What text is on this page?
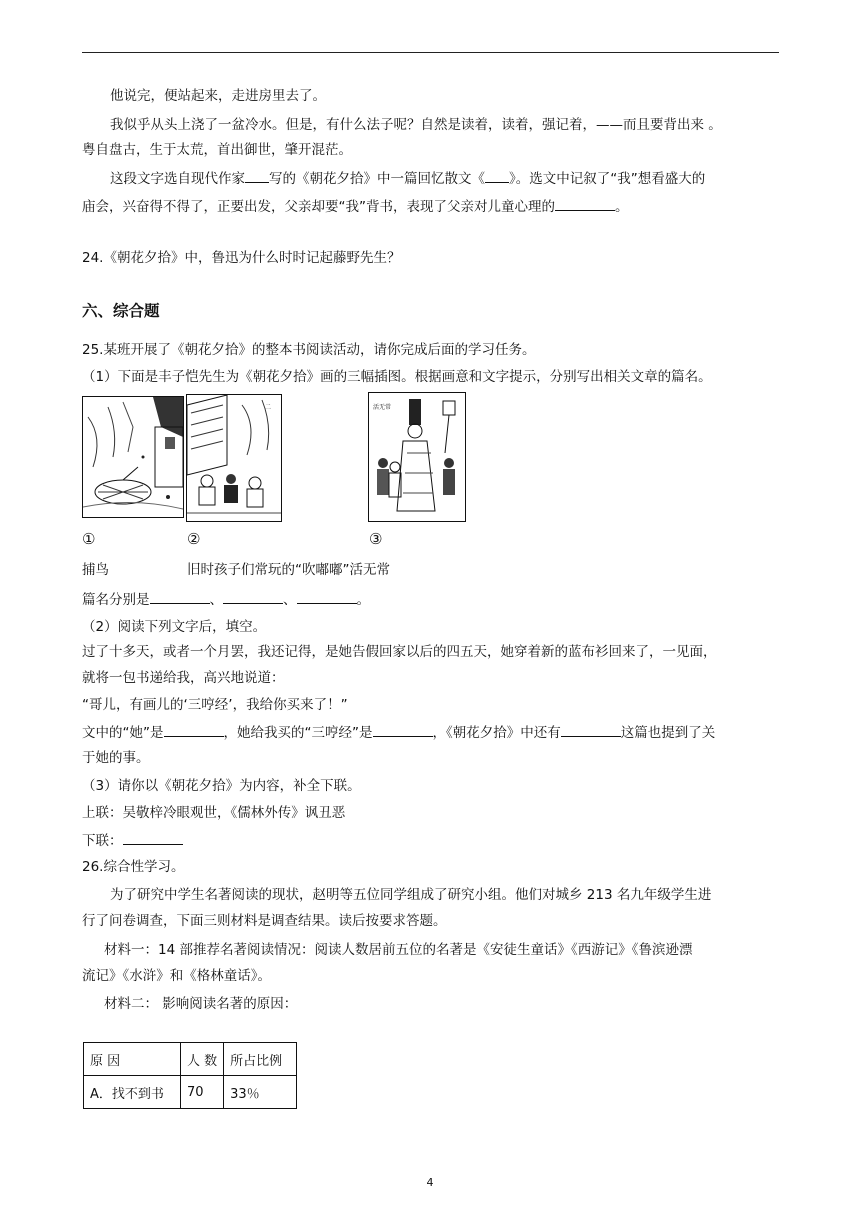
他说完，便站起来，走进房里去了。
我似乎从头上浇了一盆冷水。但是，有什么法子呢？自然是读着，读着，强记着，——而且要背出来 。
粤自盘古，生于太荒，首出御世，肇开混茫。
这段文字选自现代作家 写的《朝花夕拾》中一篇回忆散文《 》。选文中记叙了“我”想看盛大的
庙会，兴奋得不得了，正要出发，父亲却要“我”背书，表现了父亲对儿童心理的	。
24.《朝花夕拾》中，鲁迅为什么时时记起藤野先生？
六、综合题
25.某班开展了《朝花夕拾》的整本书阅读活动，请你完成后面的学习任务。
（1）下面是丰子恺先生为《朝花夕拾》画的三幅插图。根据画意和文字提示，分别写出相关文章的篇名。
二	活无常
①	②	③
捕鸟	旧时孩子们常玩的“吹嘟嘟”活无常
篇名分别是	、	、	。
（2）阅读下列文字后，填空。
过了十多天，或者一个月罢，我还记得，是她告假回家以后的四五天，她穿着新的蓝布衫回来了，一见面，
就将一包书递给我，高兴地说道：
“哥儿，有画儿的‘三哼经’，我给你买来了！”
文中的“她”是	，她给我买的“三哼经”是	，《朝花夕拾》中还有	这篇也提到了关
于她的事。
（3）请你以《朝花夕拾》为内容，补全下联。
上联：吴敬梓冷眼观世，《儒林外传》讽丑恶
下联：
26.综合性学习。
为了研究中学生名著阅读的现状，赵明等五位同学组成了研究小组。他们对城乡 213 名九年级学生进
行了问卷调查，下面三则材料是调查结果。读后按要求答题。
材料一：14 部推荐名著阅读情况：阅读人数居前五位的名著是《安徒生童话》《西游记》《鲁滨逊漂
流记》《水浒》和《格林童话》。
材料二： 影响阅读名著的原因：
原 因	人 数	所占比例
A．找不到书	70	33％
4
